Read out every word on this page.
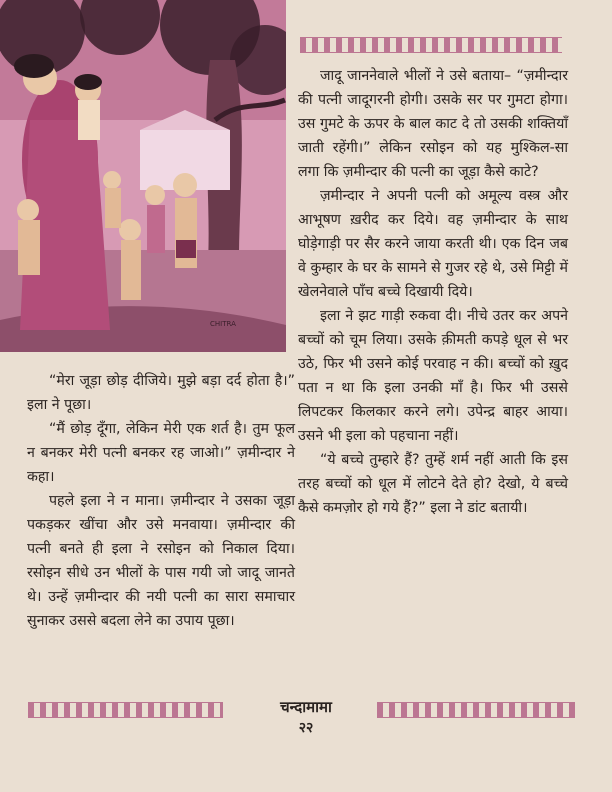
CHITRA

जादू जाननेवाले भीलों ने उसे बताया– “ज़मीन्दार की पत्नी जादूगरनी होगी। उसके सर पर गुमटा होगा। उस गुमटे के ऊपर के बाल काट दे तो उसकी शक्तियाँ जाती रहेंगी।” लेकिन रसोइन को यह मुश्किल-सा लगा कि ज़मीन्दार की पत्नी का जूड़ा कैसे काटे?

ज़मीन्दार ने अपनी पत्नी को अमूल्य वस्त्र और आभूषण ख़रीद कर दिये। वह ज़मीन्दार के साथ घोड़ेगाड़ी पर सैर करने जाया करती थी। एक दिन जब वे कुम्हार के घर के सामने से गुजर रहे थे, उसे मिट्टी में खेलनेवाले पाँच बच्चे दिखायी दिये।

इला ने झट गाड़ी रुकवा दी। नीचे उतर कर अपने बच्चों को चूम लिया। उसके क़ीमती कपड़े धूल से भर उठे, फिर भी उसने कोई परवाह न की। बच्चों को ख़ुद पता न था कि इला उनकी माँ है। फिर भी उससे लिपटकर किलकार करने लगे। उपेन्द्र बाहर आया। उसने भी इला को पहचाना नहीं।

“ये बच्चे तुम्हारे हैं? तुम्हें शर्म नहीं आती कि इस तरह बच्चों को धूल में लोटने देते हो? देखो, ये बच्चे कैसे कमज़ोर हो गये हैं?” इला ने डांट बतायी।

“मेरा जूड़ा छोड़ दीजिये। मुझे बड़ा दर्द होता है।” इला ने पूछा।

“मैं छोड़ दूँगा, लेकिन मेरी एक शर्त है। तुम फूल न बनकर मेरी पत्नी बनकर रह जाओ।” ज़मीन्दार ने कहा।

पहले इला ने न माना। ज़मीन्दार ने उसका जूड़ा पकड़कर खींचा और उसे मनवाया। ज़मीन्दार की पत्नी बनते ही इला ने रसोइन को निकाल दिया। रसोइन सीधे उन भीलों के पास गयी जो जादू जानते थे। उन्हें ज़मीन्दार की नयी पत्नी का सारा समाचार सुनाकर उससे बदला लेने का उपाय पूछा।

चन्दामामा
२२
